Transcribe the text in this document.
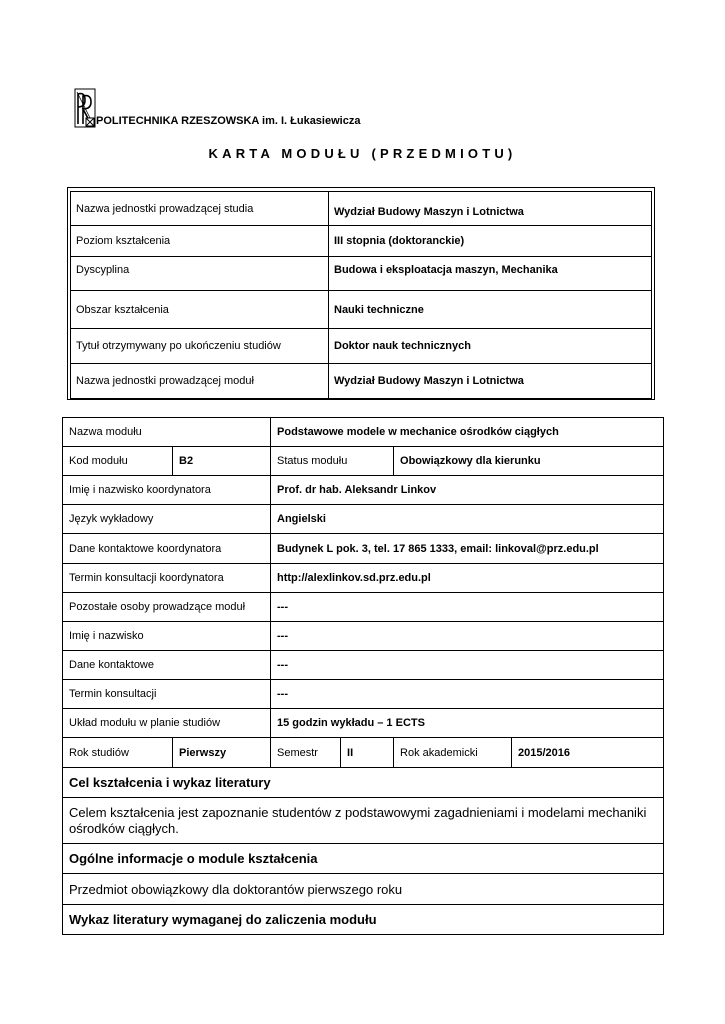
POLITECHNIKA RZESZOWSKA im. I. Łukasiewicza
KARTA MODUŁU (PRZEDMIOTU)
Nazwa jednostki prowadzącej studia	Wydział Budowy Maszyn i Lotnictwa
Poziom kształcenia	III stopnia (doktoranckie)
Dyscyplina	Budowa i eksploatacja maszyn, Mechanika
Obszar kształcenia	Nauki techniczne
Tytuł otrzymywany po ukończeniu studiów	Doktor nauk technicznych
Nazwa jednostki prowadzącej moduł	Wydział Budowy Maszyn i Lotnictwa
Nazwa modułu		Podstawowe modele w mechanice ośrodków ciągłych			
Kod modułu	B2	Status modułu		Obowiązkowy dla kierunku	
Imię i nazwisko koordynatora		Prof. dr hab. Aleksandr Linkov			
Język wykładowy		Angielski			
Dane kontaktowe koordynatora		Budynek L pok. 3, tel. 17 865 1333, email: linkoval@prz.edu.pl			
Termin konsultacji koordynatora		http://alexlinkov.sd.prz.edu.pl			
Pozostałe osoby prowadzące moduł		---			
Imię i nazwisko		---			
Dane kontaktowe		---			
Termin konsultacji		---			
Układ modułu w planie studiów		15 godzin wykładu – 1 ECTS			
Rok studiów	Pierwszy	Semestr	II	Rok akademicki	2015/2016
Cel kształcenia i wykaz literatury					
Celem kształcenia jest zapoznanie studentów z podstawowymi zagadnieniami i modelami mechaniki ośrodków ciągłych.					
Ogólne informacje o module kształcenia					
Przedmiot obowiązkowy dla doktorantów pierwszego roku					
Wykaz literatury wymaganej do zaliczenia modułu					
